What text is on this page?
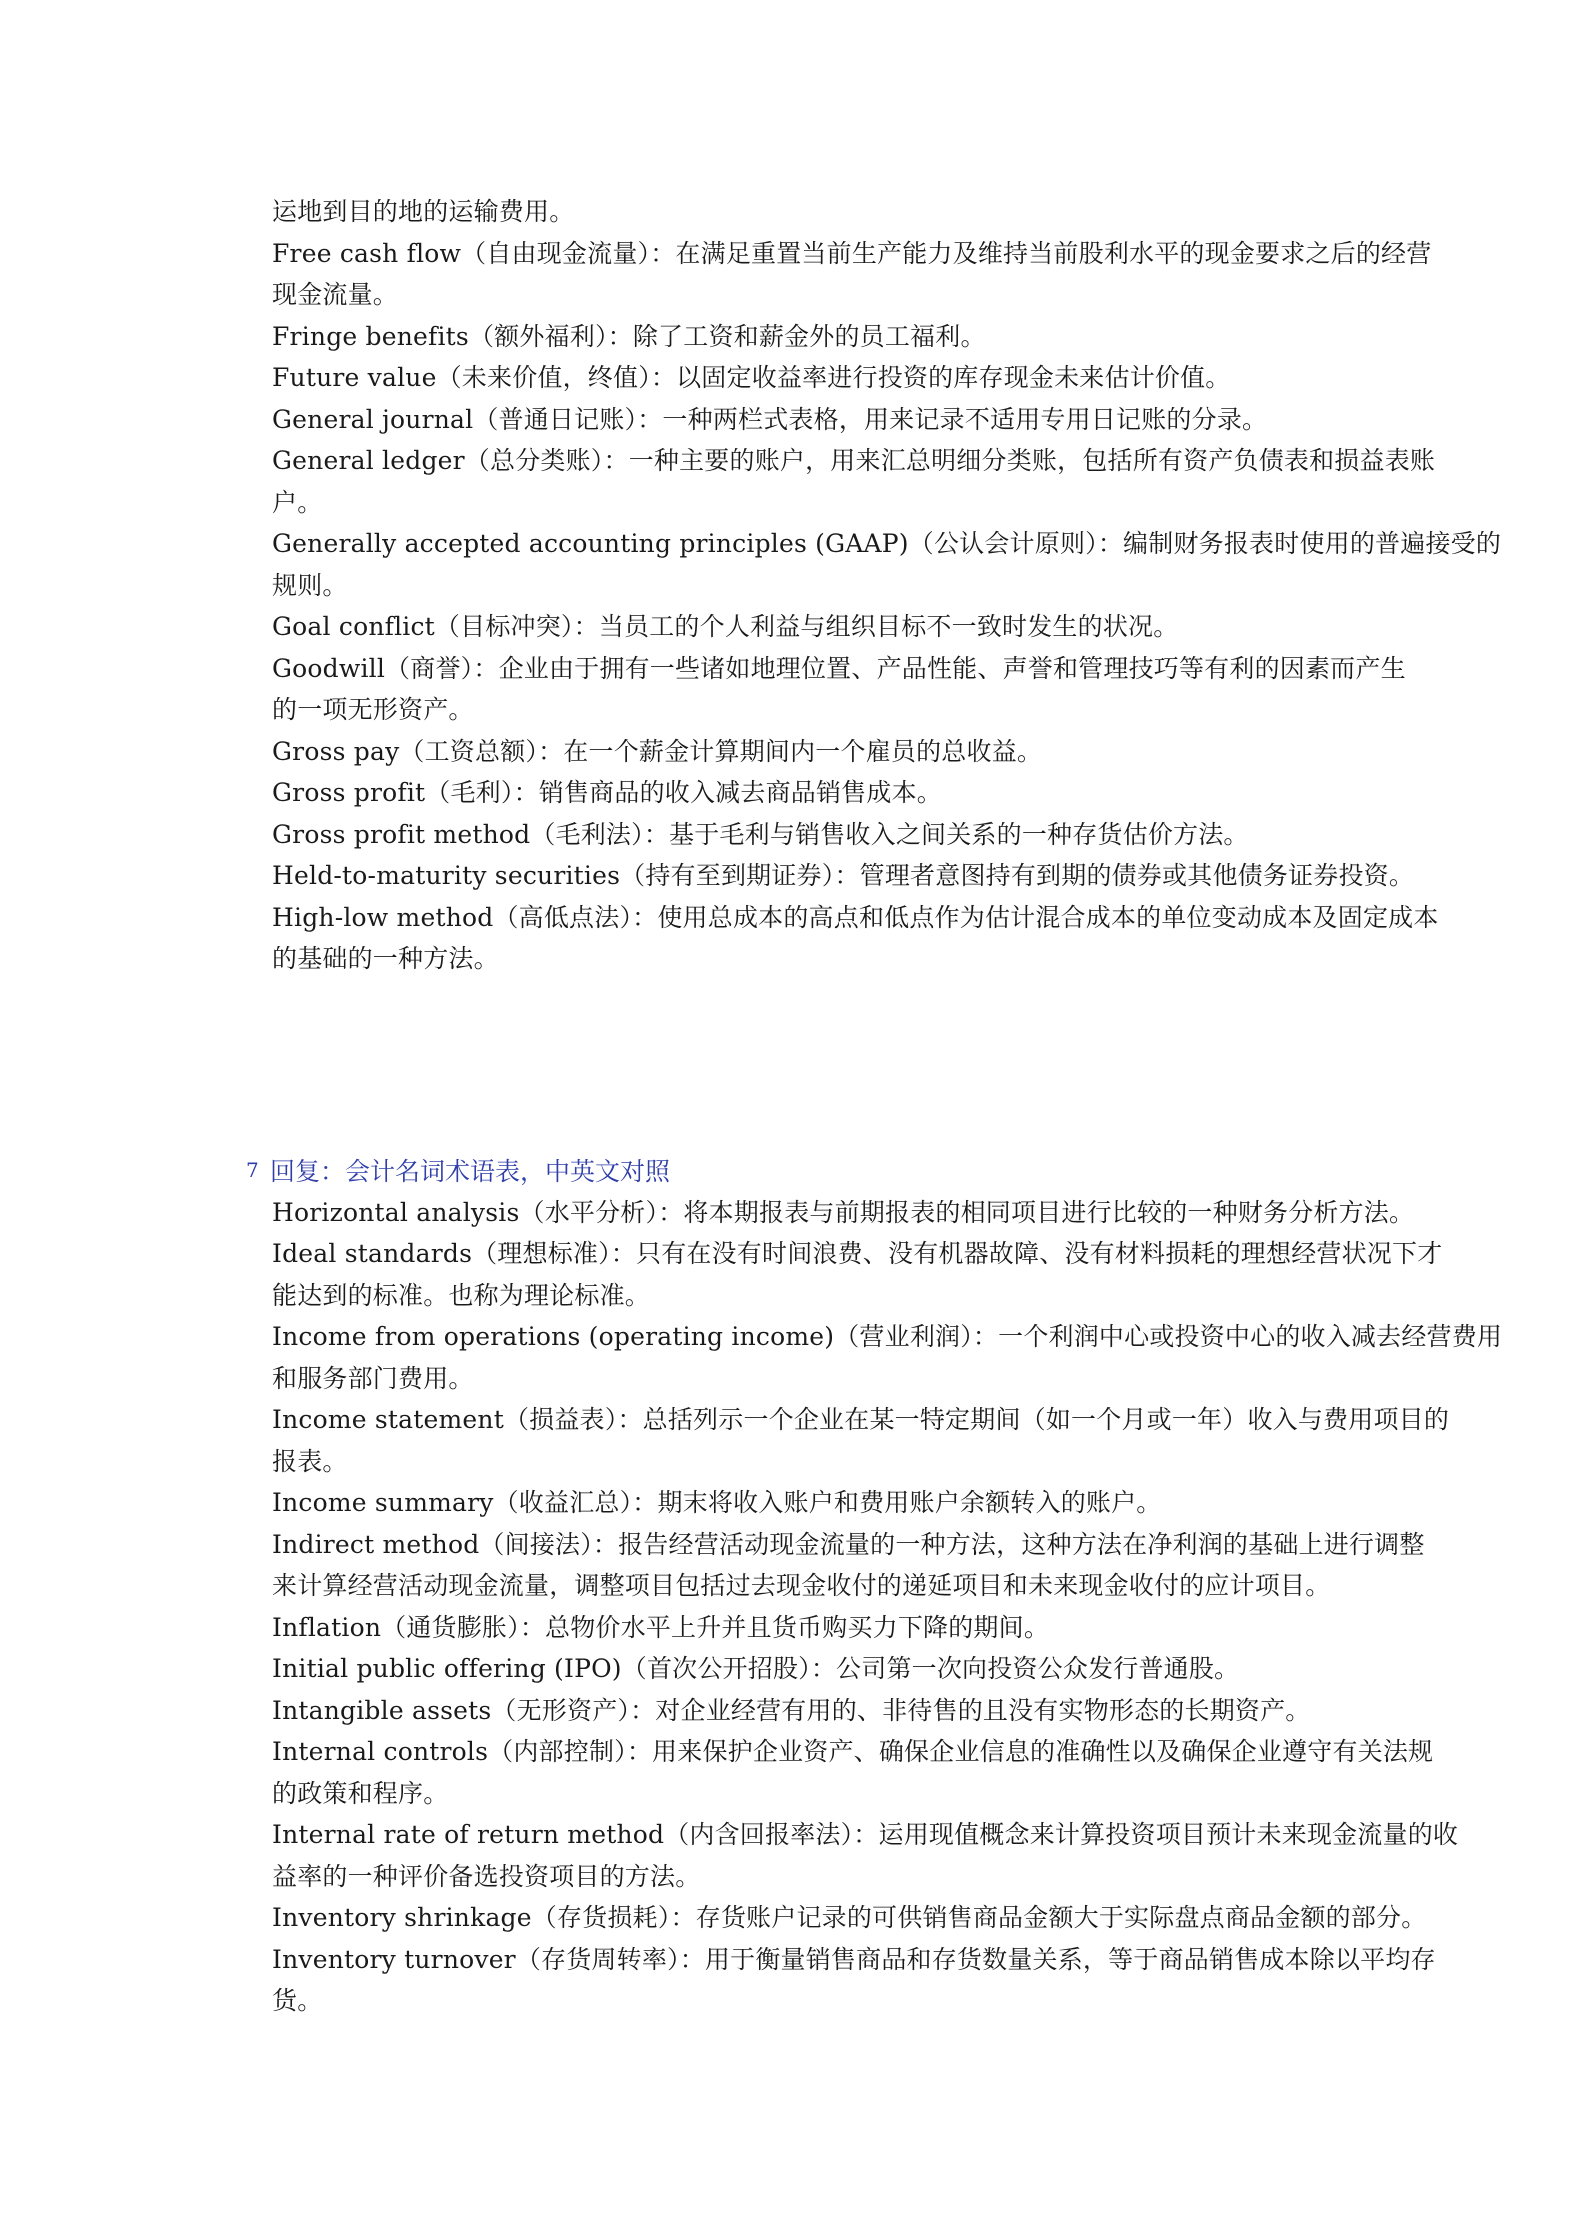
运地到目的地的运输费用。
Free cash flow（自由现金流量）：在满足重置当前生产能力及维持当前股利水平的现金要求之后的经营
现金流量。
Fringe benefits（额外福利）：除了工资和薪金外的员工福利。
Future value（未来价值，终值）：以固定收益率进行投资的库存现金未来估计价值。
General journal（普通日记账）：一种两栏式表格，用来记录不适用专用日记账的分录。
General ledger（总分类账）：一种主要的账户，用来汇总明细分类账，包括所有资产负债表和损益表账
户。
Generally accepted accounting principles (GAAP)（公认会计原则）：编制财务报表时使用的普遍接受的
规则。
Goal conflict（目标冲突）：当员工的个人利益与组织目标不一致时发生的状况。
Goodwill（商誉）：企业由于拥有一些诸如地理位置、产品性能、声誉和管理技巧等有利的因素而产生
的一项无形资产。
Gross pay（工资总额）：在一个薪金计算期间内一个雇员的总收益。
Gross profit（毛利）：销售商品的收入减去商品销售成本。
Gross profit method（毛利法）：基于毛利与销售收入之间关系的一种存货估价方法。
Held-to-maturity securities（持有至到期证券）：管理者意图持有到期的债券或其他债务证券投资。
High-low method（高低点法）：使用总成本的高点和低点作为估计混合成本的单位变动成本及固定成本
的基础的一种方法。
7 回复：会计名词术语表，中英文对照
Horizontal analysis（水平分析）：将本期报表与前期报表的相同项目进行比较的一种财务分析方法。
Ideal standards（理想标准）：只有在没有时间浪费、没有机器故障、没有材料损耗的理想经营状况下才
能达到的标准。也称为理论标准。
Income from operations (operating income)（营业利润）：一个利润中心或投资中心的收入减去经营费用
和服务部门费用。
Income statement（损益表）：总括列示一个企业在某一特定期间（如一个月或一年）收入与费用项目的
报表。
Income summary（收益汇总）：期末将收入账户和费用账户余额转入的账户。
Indirect method（间接法）：报告经营活动现金流量的一种方法，这种方法在净利润的基础上进行调整
来计算经营活动现金流量，调整项目包括过去现金收付的递延项目和未来现金收付的应计项目。
Inflation（通货膨胀）：总物价水平上升并且货币购买力下降的期间。
Initial public offering (IPO)（首次公开招股）：公司第一次向投资公众发行普通股。
Intangible assets（无形资产）：对企业经营有用的、非待售的且没有实物形态的长期资产。
Internal controls（内部控制）：用来保护企业资产、确保企业信息的准确性以及确保企业遵守有关法规
的政策和程序。
Internal rate of return method（内含回报率法）：运用现值概念来计算投资项目预计未来现金流量的收
益率的一种评价备选投资项目的方法。
Inventory shrinkage（存货损耗）：存货账户记录的可供销售商品金额大于实际盘点商品金额的部分。
Inventory turnover（存货周转率）：用于衡量销售商品和存货数量关系，等于商品销售成本除以平均存
货。
